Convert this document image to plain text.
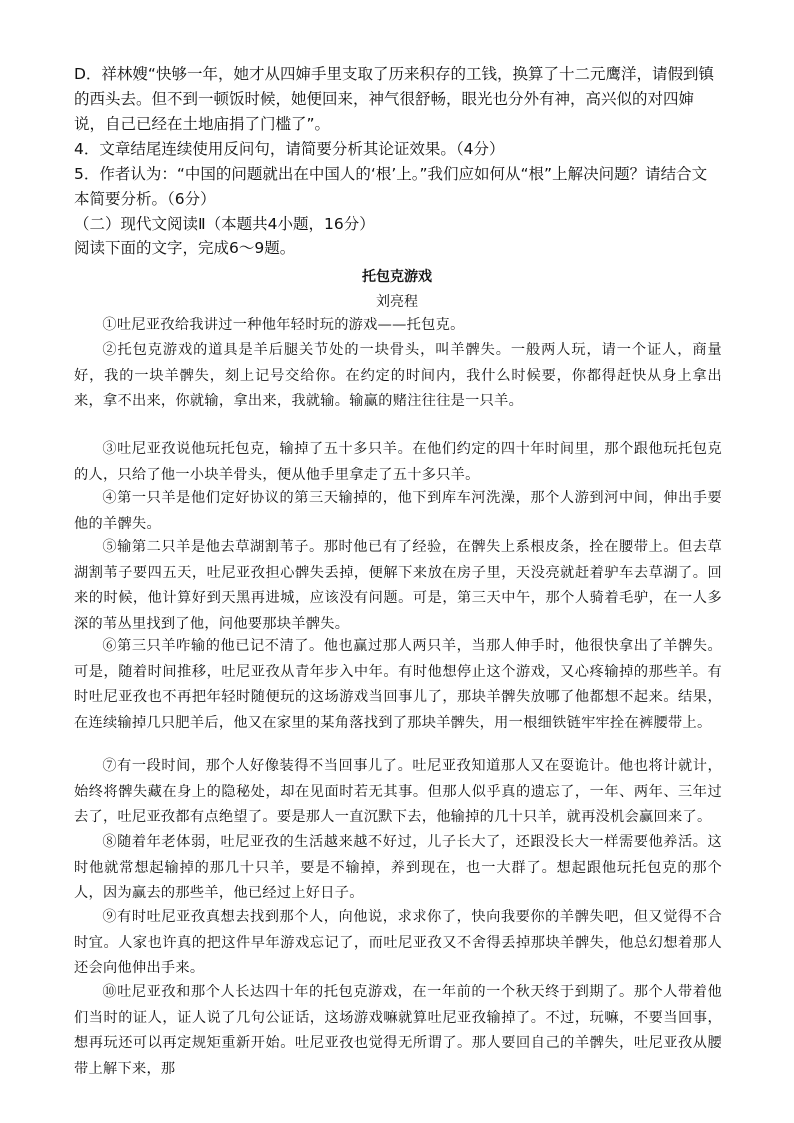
D．祥林嫂“快够一年，她才从四婶手里支取了历来积存的工钱，换算了十二元鹰洋，请假到镇的西头去。但不到一顿饭时候，她便回来，神气很舒畅，眼光也分外有神，高兴似的对四婶说，自己已经在土地庙捐了门槛了”。

4．文章结尾连续使用反问句，请简要分析其论证效果。（4分）

5．作者认为：“中国的问题就出在中国人的‘根’上。”我们应如何从“根”上解决问题？请结合文本简要分析。（6分）

（二）现代文阅读Ⅱ（本题共4小题，16分）

阅读下面的文字，完成6～9题。

托包克游戏

刘亮程

①吐尼亚孜给我讲过一种他年轻时玩的游戏——托包克。

②托包克游戏的道具是羊后腿关节处的一块骨头，叫羊髀失。一般两人玩，请一个证人，商量好，我的一块羊髀失，刻上记号交给你。在约定的时间内，我什么时候要，你都得赶快从身上拿出来，拿不出来，你就输，拿出来，我就输。输赢的赌注往往是一只羊。

③吐尼亚孜说他玩托包克，输掉了五十多只羊。在他们约定的四十年时间里，那个跟他玩托包克的人，只给了他一小块羊骨头，便从他手里拿走了五十多只羊。

④第一只羊是他们定好协议的第三天输掉的，他下到库车河洗澡，那个人游到河中间，伸出手要他的羊髀失。

⑤输第二只羊是他去草湖割苇子。那时他已有了经验，在髀失上系根皮条，拴在腰带上。但去草湖割苇子要四五天，吐尼亚孜担心髀失丢掉，便解下来放在房子里，天没亮就赶着驴车去草湖了。回来的时候，他计算好到天黑再进城，应该没有问题。可是，第三天中午，那个人骑着毛驴，在一人多深的苇丛里找到了他，问他要那块羊髀失。

⑥第三只羊咋输的他已记不清了。他也赢过那人两只羊，当那人伸手时，他很快拿出了羊髀失。可是，随着时间推移，吐尼亚孜从青年步入中年。有时他想停止这个游戏，又心疼输掉的那些羊。有时吐尼亚孜也不再把年轻时随便玩的这场游戏当回事儿了，那块羊髀失放哪了他都想不起来。结果，在连续输掉几只肥羊后，他又在家里的某角落找到了那块羊髀失，用一根细铁链牢牢拴在裤腰带上。

⑦有一段时间，那个人好像装得不当回事儿了。吐尼亚孜知道那人又在耍诡计。他也将计就计，始终将髀失藏在身上的隐秘处，却在见面时若无其事。但那人似乎真的遗忘了，一年、两年、三年过去了，吐尼亚孜都有点绝望了。要是那人一直沉默下去，他输掉的几十只羊，就再没机会赢回来了。

⑧随着年老体弱，吐尼亚孜的生活越来越不好过，儿子长大了，还跟没长大一样需要他养活。这时他就常想起输掉的那几十只羊，要是不输掉，养到现在，也一大群了。想起跟他玩托包克的那个人，因为赢去的那些羊，他已经过上好日子。

⑨有时吐尼亚孜真想去找到那个人，向他说，求求你了，快向我要你的羊髀失吧，但又觉得不合时宜。人家也许真的把这件早年游戏忘记了，而吐尼亚孜又不舍得丢掉那块羊髀失，他总幻想着那人还会向他伸出手来。

⑩吐尼亚孜和那个人长达四十年的托包克游戏，在一年前的一个秋天终于到期了。那个人带着他们当时的证人，证人说了几句公证话，这场游戏嘛就算吐尼亚孜输掉了。不过，玩嘛，不要当回事，想再玩还可以再定规矩重新开始。吐尼亚孜也觉得无所谓了。那人要回自己的羊髀失，吐尼亚孜从腰带上解下来，那
